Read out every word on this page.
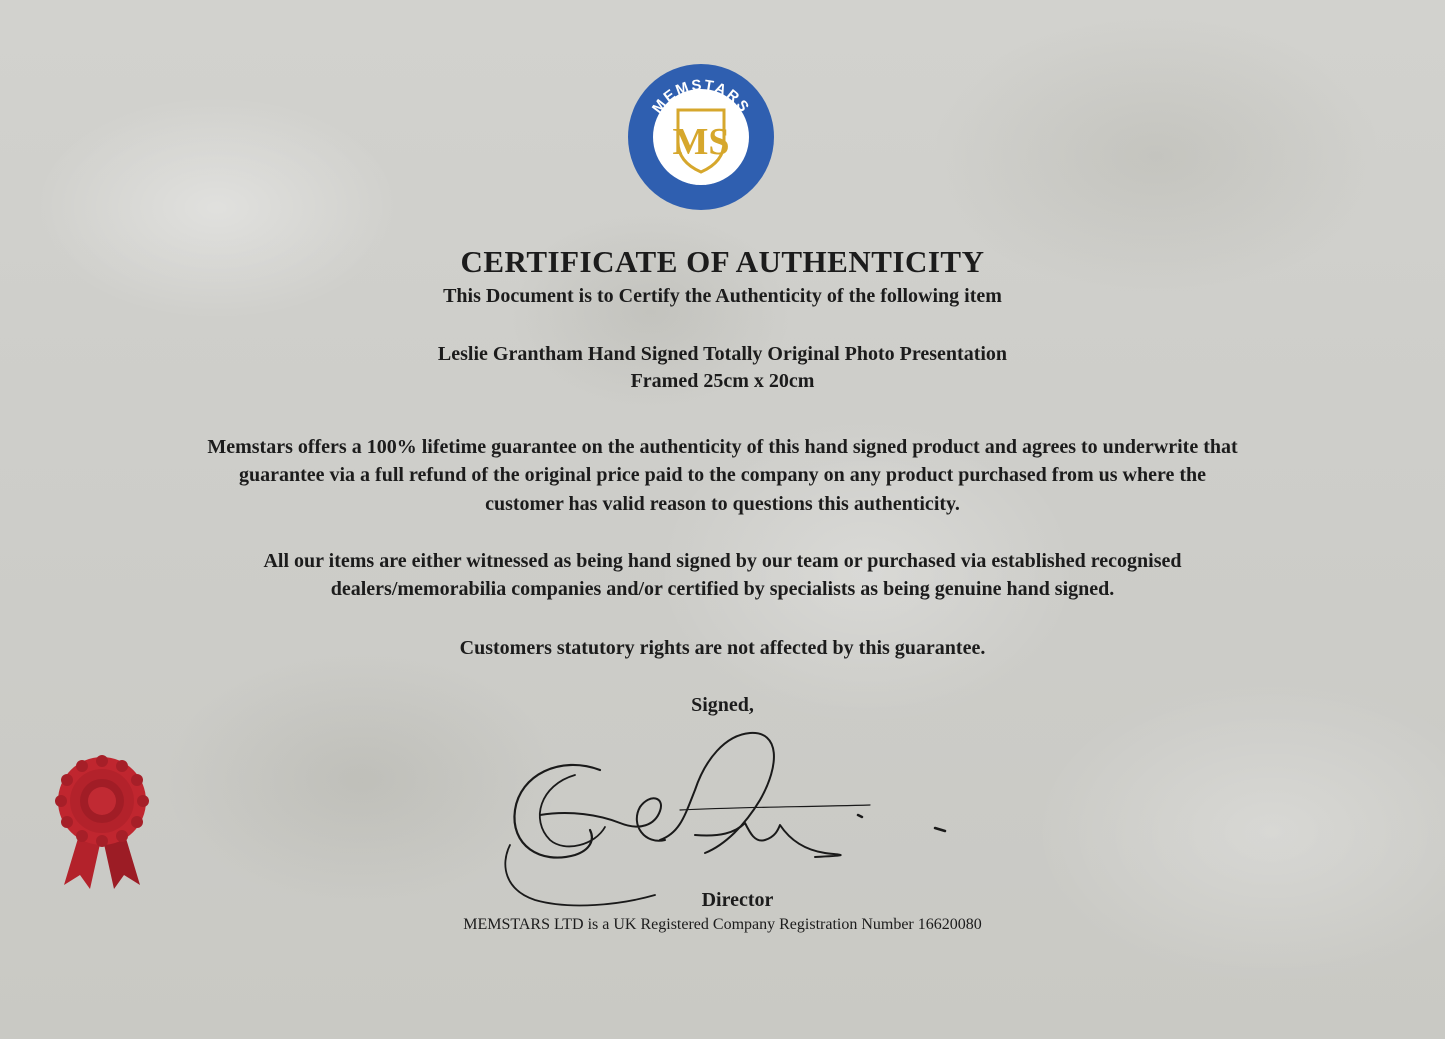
MEMSTARS
WWW.MEMSTARS.COM
MS
CERTIFICATE OF AUTHENTICITY
This Document is to Certify the Authenticity of the following item
Leslie Grantham Hand Signed Totally Original Photo Presentation
Framed 25cm x 20cm
Memstars offers a 100% lifetime guarantee on the authenticity of this hand signed product and agrees to underwrite that
guarantee via a full refund of the original price paid to the company on any product purchased from us where the
customer has valid reason to questions this authenticity.
All our items are either witnessed as being hand signed by our team or purchased via established recognised
dealers/memorabilia companies and/or certified by specialists as being genuine hand signed.
Customers statutory rights are not affected by this guarantee.
Signed,
Director
MEMSTARS LTD is a UK Registered Company Registration Number 16620080
